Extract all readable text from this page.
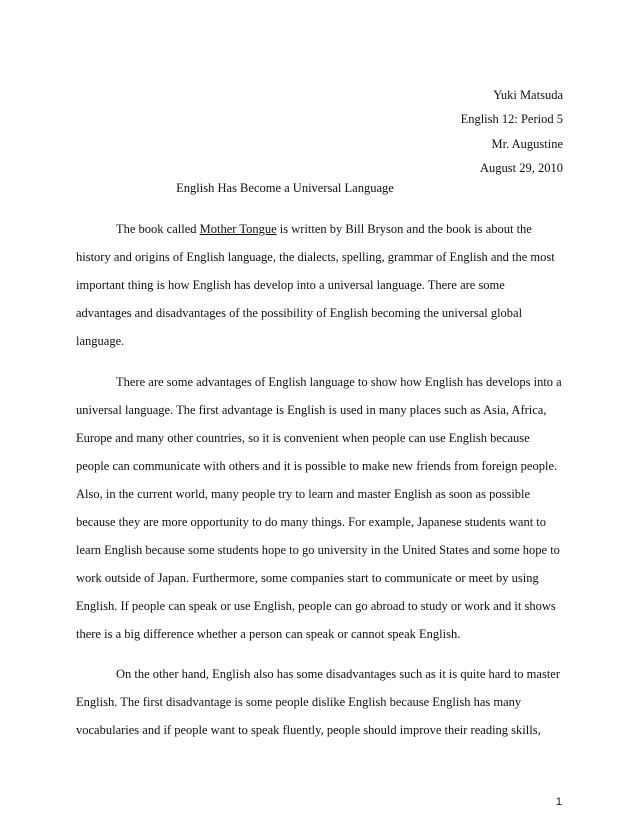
Yuki Matsuda
English 12: Period 5
Mr. Augustine
August 29, 2010
English Has Become a Universal Language
The book called Mother Tongue is written by Bill Bryson and the book is about the
history and origins of English language, the dialects, spelling, grammar of English and the most
important thing is how English has develop into a universal language. There are some
advantages and disadvantages of the possibility of English becoming the universal global
language.
There are some advantages of English language to show how English has develops into a
universal language. The first advantage is English is used in many places such as Asia, Africa,
Europe and many other countries, so it is convenient when people can use English because
people can communicate with others and it is possible to make new friends from foreign people.
Also, in the current world, many people try to learn and master English as soon as possible
because they are more opportunity to do many things. For example, Japanese students want to
learn English because some students hope to go university in the United States and some hope to
work outside of Japan. Furthermore, some companies start to communicate or meet by using
English. If people can speak or use English, people can go abroad to study or work and it shows
there is a big difference whether a person can speak or cannot speak English.
On the other hand, English also has some disadvantages such as it is quite hard to master
English. The first disadvantage is some people dislike English because English has many
vocabularies and if people want to speak fluently, people should improve their reading skills,
1
